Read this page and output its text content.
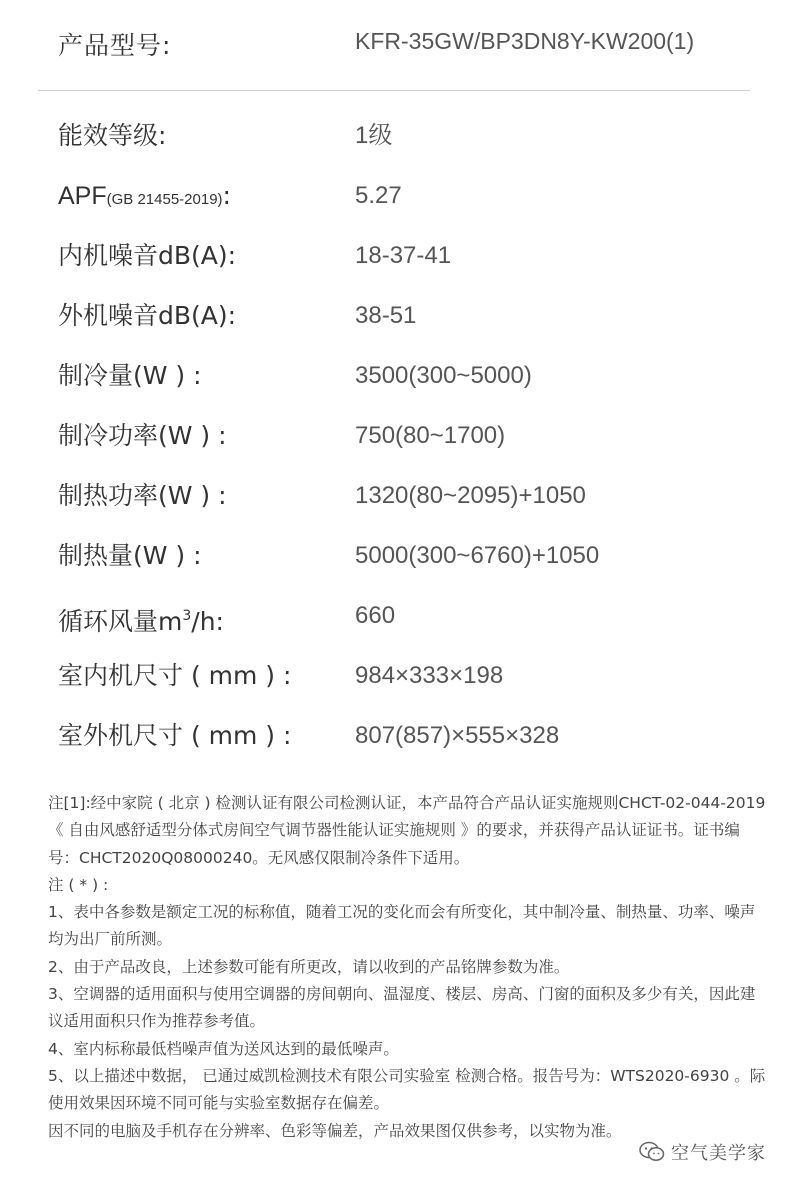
产品型号:	KFR-35GW/BP3DN8Y-KW200(1)
能效等级:	1级
APF(GB 21455-2019):	5.27
内机噪音dB(A):	18-37-41
外机噪音dB(A):	38-51
制冷量(W ) :	3500(300~5000)
制冷功率(W ) :	750(80~1700)
制热功率(W ) :	1320(80~2095)+1050
制热量(W ) :	5000(300~6760)+1050
循环风量$m^3/h$:	660
室内机尺寸 ( mm ) :	984×333×198
室外机尺寸 ( mm ) :	807(857)×555×328

注[1]:经中家院 ( 北京 ) 检测认证有限公司检测认证，本产品符合产品认证实施规则CHCT-02-044-2019《 自由风感舒适型分体式房间空气调节器性能认证实施规则 》的要求，并获得产品认证证书。证书编号：CHCT2020Q08000240。无风感仅限制冷条件下适用。

注 ( * ) :

1、表中各参数是额定工况的标称值，随着工况的变化而会有所变化，其中制冷量、制热量、功率、噪声均为出厂前所测。

2、由于产品改良，上述参数可能有所更改，请以收到的产品铭牌参数为准。

3、空调器的适用面积与使用空调器的房间朝向、温湿度、楼层、房高、门窗的面积及多少有关，因此建议适用面积只作为推荐参考值。

4、室内标称最低档噪声值为送风达到的最低噪声。

5、以上描述中数据， 已通过威凯检测技术有限公司实验室 检测合格。报告号为：WTS2020-6930 。际使用效果因环境不同可能与实验室数据存在偏差。

因不同的电脑及手机存在分辨率、色彩等偏差，产品效果图仅供参考，以实物为准。

空气美学家
